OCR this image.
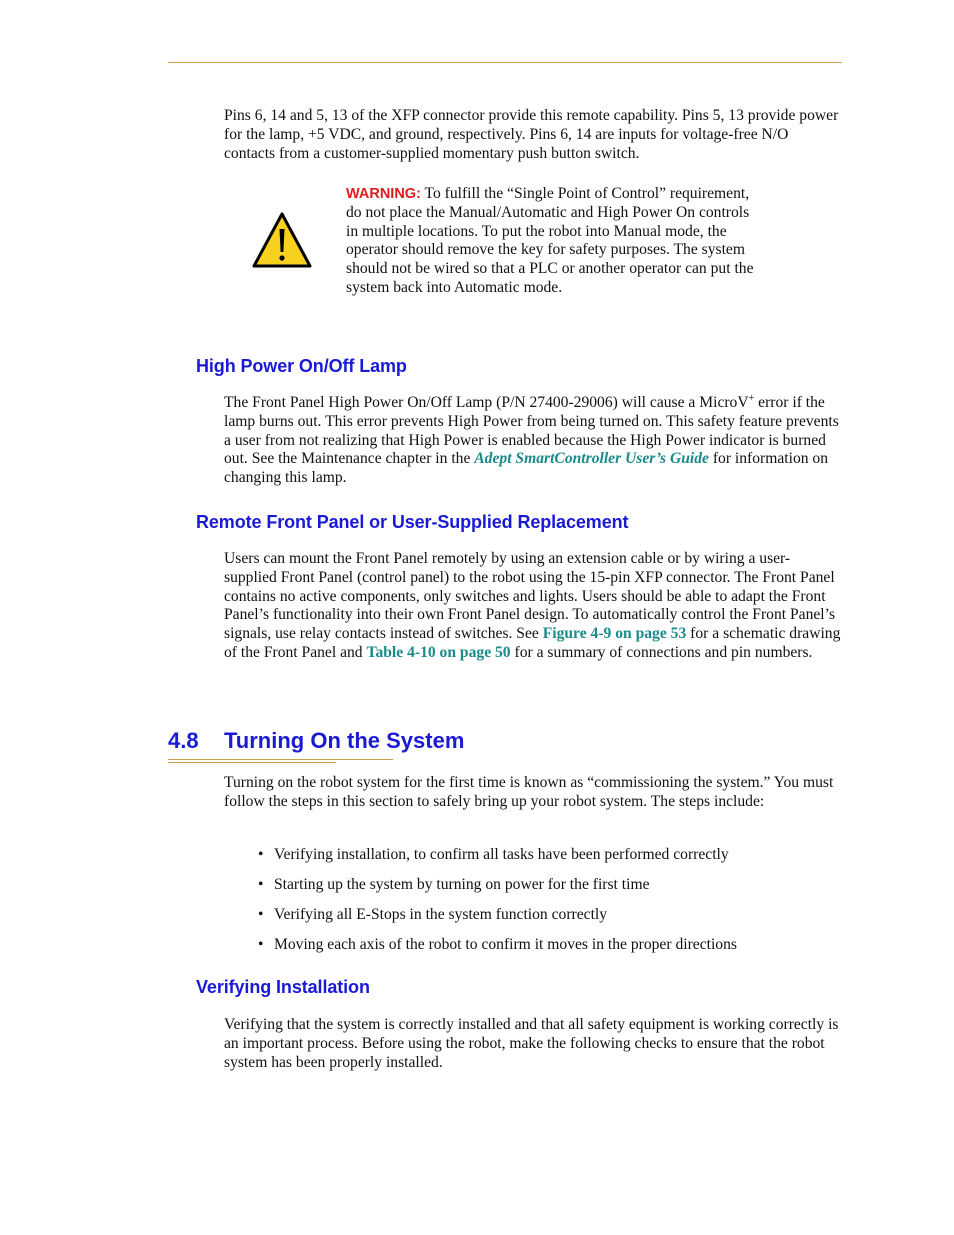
Pins 6, 14 and 5, 13 of the XFP connector provide this remote capability. Pins 5, 13 provide power for the lamp, +5 VDC, and ground, respectively. Pins 6, 14 are inputs for voltage-free N/O contacts from a customer-supplied momentary push button switch.

WARNING: To fulfill the “Single Point of Control” requirement, do not place the Manual/Automatic and High Power On controls in multiple locations. To put the robot into Manual mode, the operator should remove the key for safety purposes. The system should not be wired so that a PLC or another operator can put the system back into Automatic mode.

High Power On/Off Lamp

The Front Panel High Power On/Off Lamp (P/N 27400-29006) will cause a MicroV+ error if the lamp burns out. This error prevents High Power from being turned on. This safety feature prevents a user from not realizing that High Power is enabled because the High Power indicator is burned out. See the Maintenance chapter in the Adept SmartController User’s Guide for information on changing this lamp.

Remote Front Panel or User-Supplied Replacement

Users can mount the Front Panel remotely by using an extension cable or by wiring a user-supplied Front Panel (control panel) to the robot using the 15-pin XFP connector. The Front Panel contains no active components, only switches and lights. Users should be able to adapt the Front Panel’s functionality into their own Front Panel design. To automatically control the Front Panel’s signals, use relay contacts instead of switches. See Figure 4-9 on page 53 for a schematic drawing of the Front Panel and Table 4-10 on page 50 for a summary of connections and pin numbers.

4.8 Turning On the System

Turning on the robot system for the first time is known as “commissioning the system.” You must follow the steps in this section to safely bring up your robot system. The steps include:

• Verifying installation, to confirm all tasks have been performed correctly
• Starting up the system by turning on power for the first time
• Verifying all E-Stops in the system function correctly
• Moving each axis of the robot to confirm it moves in the proper directions
Verifying Installation

Verifying that the system is correctly installed and that all safety equipment is working correctly is an important process. Before using the robot, make the following checks to ensure that the robot system has been properly installed.
